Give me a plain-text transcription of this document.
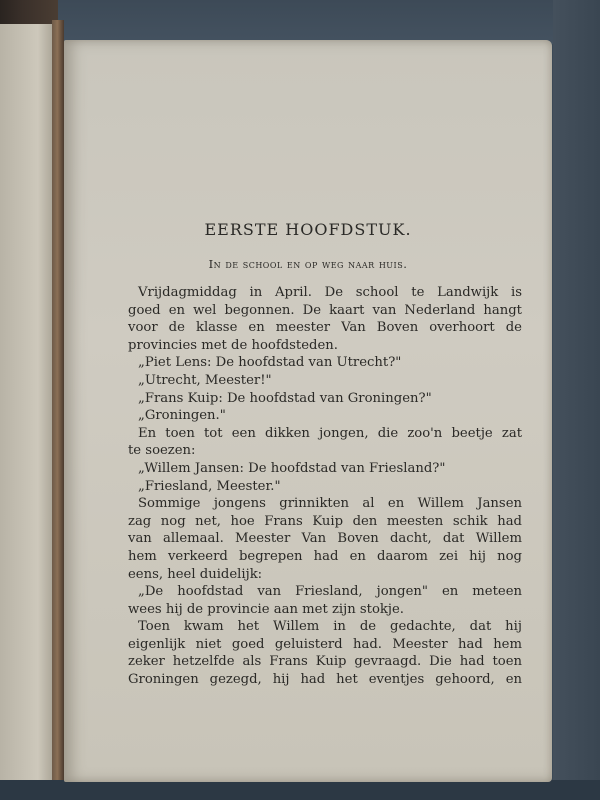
EERSTE HOOFDSTUK.
In de school en op weg naar huis.
Vrijdagmiddag in April. De school te Landwijk is
goed en wel begonnen. De kaart van Nederland hangt
voor de klasse en meester Van Boven overhoort de
provincies met de hoofdsteden.
„Piet Lens: De hoofdstad van Utrecht?"
„Utrecht, Meester!"
„Frans Kuip: De hoofdstad van Groningen?"
„Groningen."
En toen tot een dikken jongen, die zoo'n beetje zat
te soezen:
„Willem Jansen: De hoofdstad van Friesland?"
„Friesland, Meester."
Sommige jongens grinnikten al en Willem Jansen
zag nog net, hoe Frans Kuip den meesten schik had
van allemaal. Meester Van Boven dacht, dat Willem
hem verkeerd begrepen had en daarom zei hij nog
eens, heel duidelijk:
„De hoofdstad van Friesland, jongen" en meteen
wees hij de provincie aan met zijn stokje.
Toen kwam het Willem in de gedachte, dat hij
eigenlijk niet goed geluisterd had. Meester had hem
zeker hetzelfde als Frans Kuip gevraagd. Die had toen
Groningen gezegd, hij had het eventjes gehoord, en
